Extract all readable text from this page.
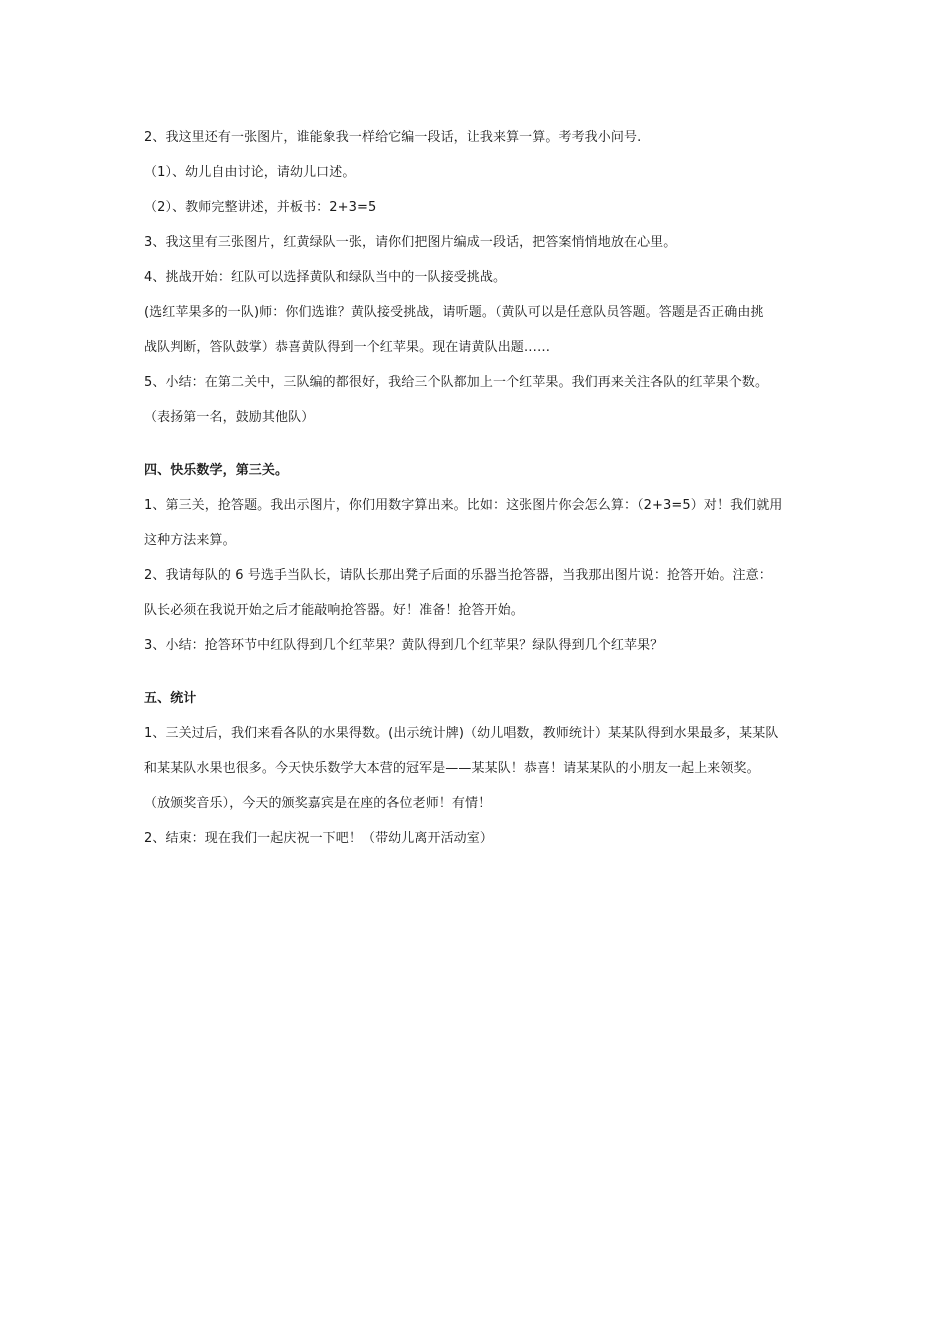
2、我这里还有一张图片，谁能象我一样给它编一段话，让我来算一算。考考我小问号.
（1）、幼儿自由讨论，请幼儿口述。
（2）、教师完整讲述，并板书：2+3=5
3、我这里有三张图片，红黄绿队一张，请你们把图片编成一段话，把答案悄悄地放在心里。
4、挑战开始：红队可以选择黄队和绿队当中的一队接受挑战。
(选红苹果多的一队)师：你们选谁？黄队接受挑战，请听题。（黄队可以是任意队员答题。答题是否正确由挑
战队判断，答队鼓掌）恭喜黄队得到一个红苹果。现在请黄队出题……
5、小结：在第二关中，三队编的都很好，我给三个队都加上一个红苹果。我们再来关注各队的红苹果个数。
（表扬第一名，鼓励其他队）
四、快乐数学，第三关。
1、第三关，抢答题。我出示图片，你们用数字算出来。比如：这张图片你会怎么算：（2+3=5）对！我们就用
这种方法来算。
2、我请每队的 6 号选手当队长，请队长那出凳子后面的乐器当抢答器，当我那出图片说：抢答开始。注意：
队长必须在我说开始之后才能敲响抢答器。好！准备！抢答开始。
3、小结：抢答环节中红队得到几个红苹果？黄队得到几个红苹果？绿队得到几个红苹果？
五、统计
1、三关过后，我们来看各队的水果得数。(出示统计牌)（幼儿唱数，教师统计）某某队得到水果最多，某某队
和某某队水果也很多。今天快乐数学大本营的冠军是——某某队！恭喜！请某某队的小朋友一起上来领奖。
（放颁奖音乐），今天的颁奖嘉宾是在座的各位老师！有情！
2、结束：现在我们一起庆祝一下吧！（带幼儿离开活动室）
